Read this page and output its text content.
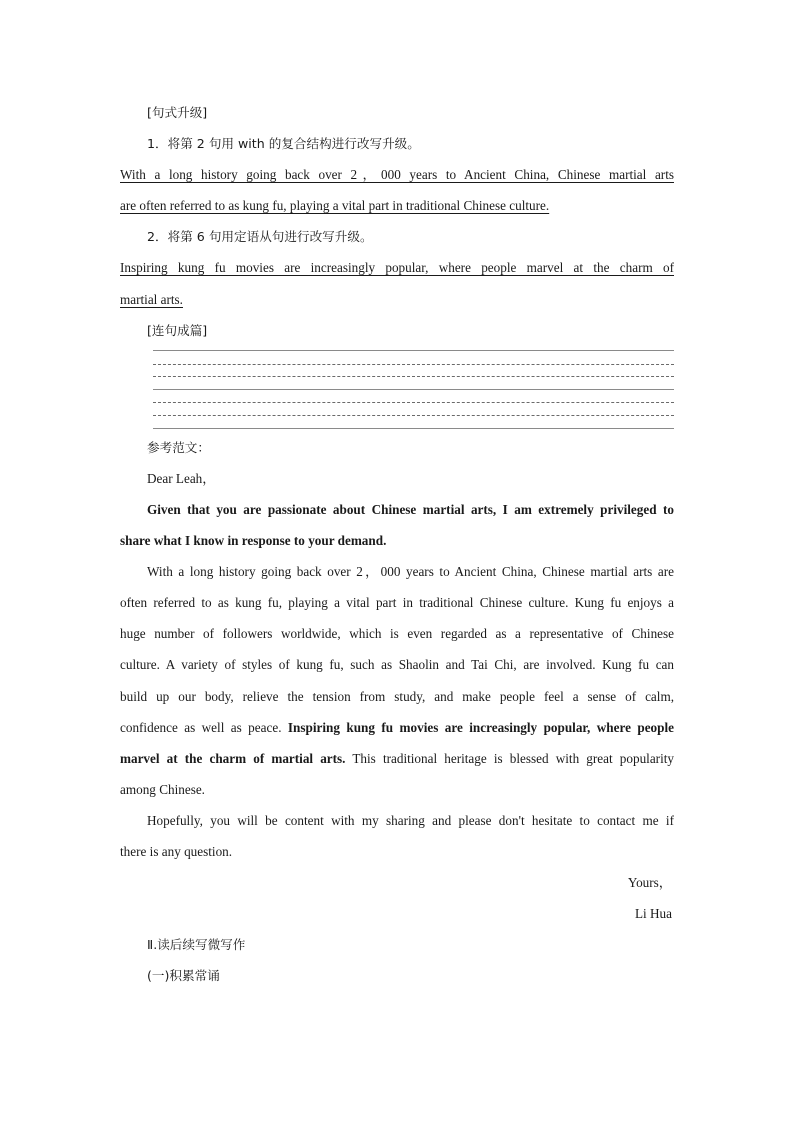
[句式升级]
1．将第 2 句用 with 的复合结构进行改写升级。
With a long history going back over 2，000 years to Ancient China, Chinese martial arts
are often referred to as kung fu, playing a vital part in traditional Chinese culture.
2．将第 6 句用定语从句进行改写升级。
Inspiring kung fu movies are increasingly popular, where people marvel at the charm of
martial arts.
[连句成篇]
参考范文：
Dear Leah，
Given that you are passionate about Chinese martial arts, I am extremely privileged to
share what I know in response to your demand.
With a long history going back over 2，000 years to Ancient China, Chinese martial arts are
often referred to as kung fu, playing a vital part in traditional Chinese culture. Kung fu enjoys a
huge number of followers worldwide, which is even regarded as a representative of Chinese
culture. A variety of styles of kung fu, such as Shaolin and Tai Chi, are involved. Kung fu can
build up our body, relieve the tension from study, and make people feel a sense of calm,
confidence as well as peace. Inspiring kung fu movies are increasingly popular, where people
marvel at the charm of martial arts. This traditional heritage is blessed with great popularity
among Chinese.
Hopefully, you will be content with my sharing and please don't hesitate to contact me if
there is any question.
Yours，
Li Hua
Ⅱ.读后续写微写作
(一)积累常诵
